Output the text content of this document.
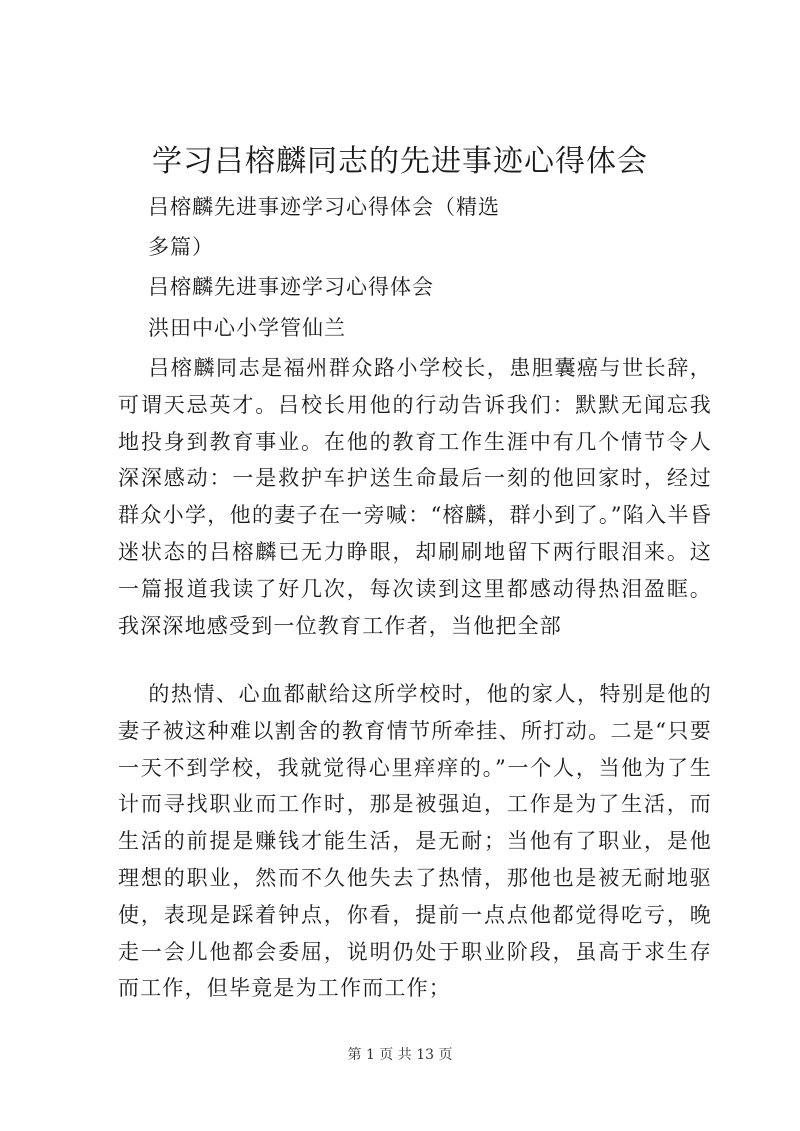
学习吕榕麟同志的先进事迹心得体会
吕榕麟先进事迹学习心得体会（精选
多篇）
吕榕麟先进事迹学习心得体会
洪田中心小学管仙兰

吕榕麟同志是福州群众路小学校长，患胆囊癌与世长辞，可谓天忌英才。吕校长用他的行动告诉我们：默默无闻忘我地投身到教育事业。在他的教育工作生涯中有几个情节令人深深感动：一是救护车护送生命最后一刻的他回家时，经过群众小学，他的妻子在一旁喊：“榕麟，群小到了。”陷入半昏迷状态的吕榕麟已无力睁眼，却刷刷地留下两行眼泪来。这一篇报道我读了好几次，每次读到这里都感动得热泪盈眶。我深深地感受到一位教育工作者，当他把全部

的热情、心血都献给这所学校时，他的家人，特别是他的妻子被这种难以割舍的教育情节所牵挂、所打动。二是“只要一天不到学校，我就觉得心里痒痒的。”一个人，当他为了生计而寻找职业而工作时，那是被强迫，工作是为了生活，而生活的前提是赚钱才能生活，是无耐；当他有了职业，是他理想的职业，然而不久他失去了热情，那他也是被无耐地驱使，表现是踩着钟点，你看，提前一点点他都觉得吃亏，晚走一会儿他都会委屈，说明仍处于职业阶段，虽高于求生存而工作，但毕竟是为工作而工作；

第 1 页 共 13 页
